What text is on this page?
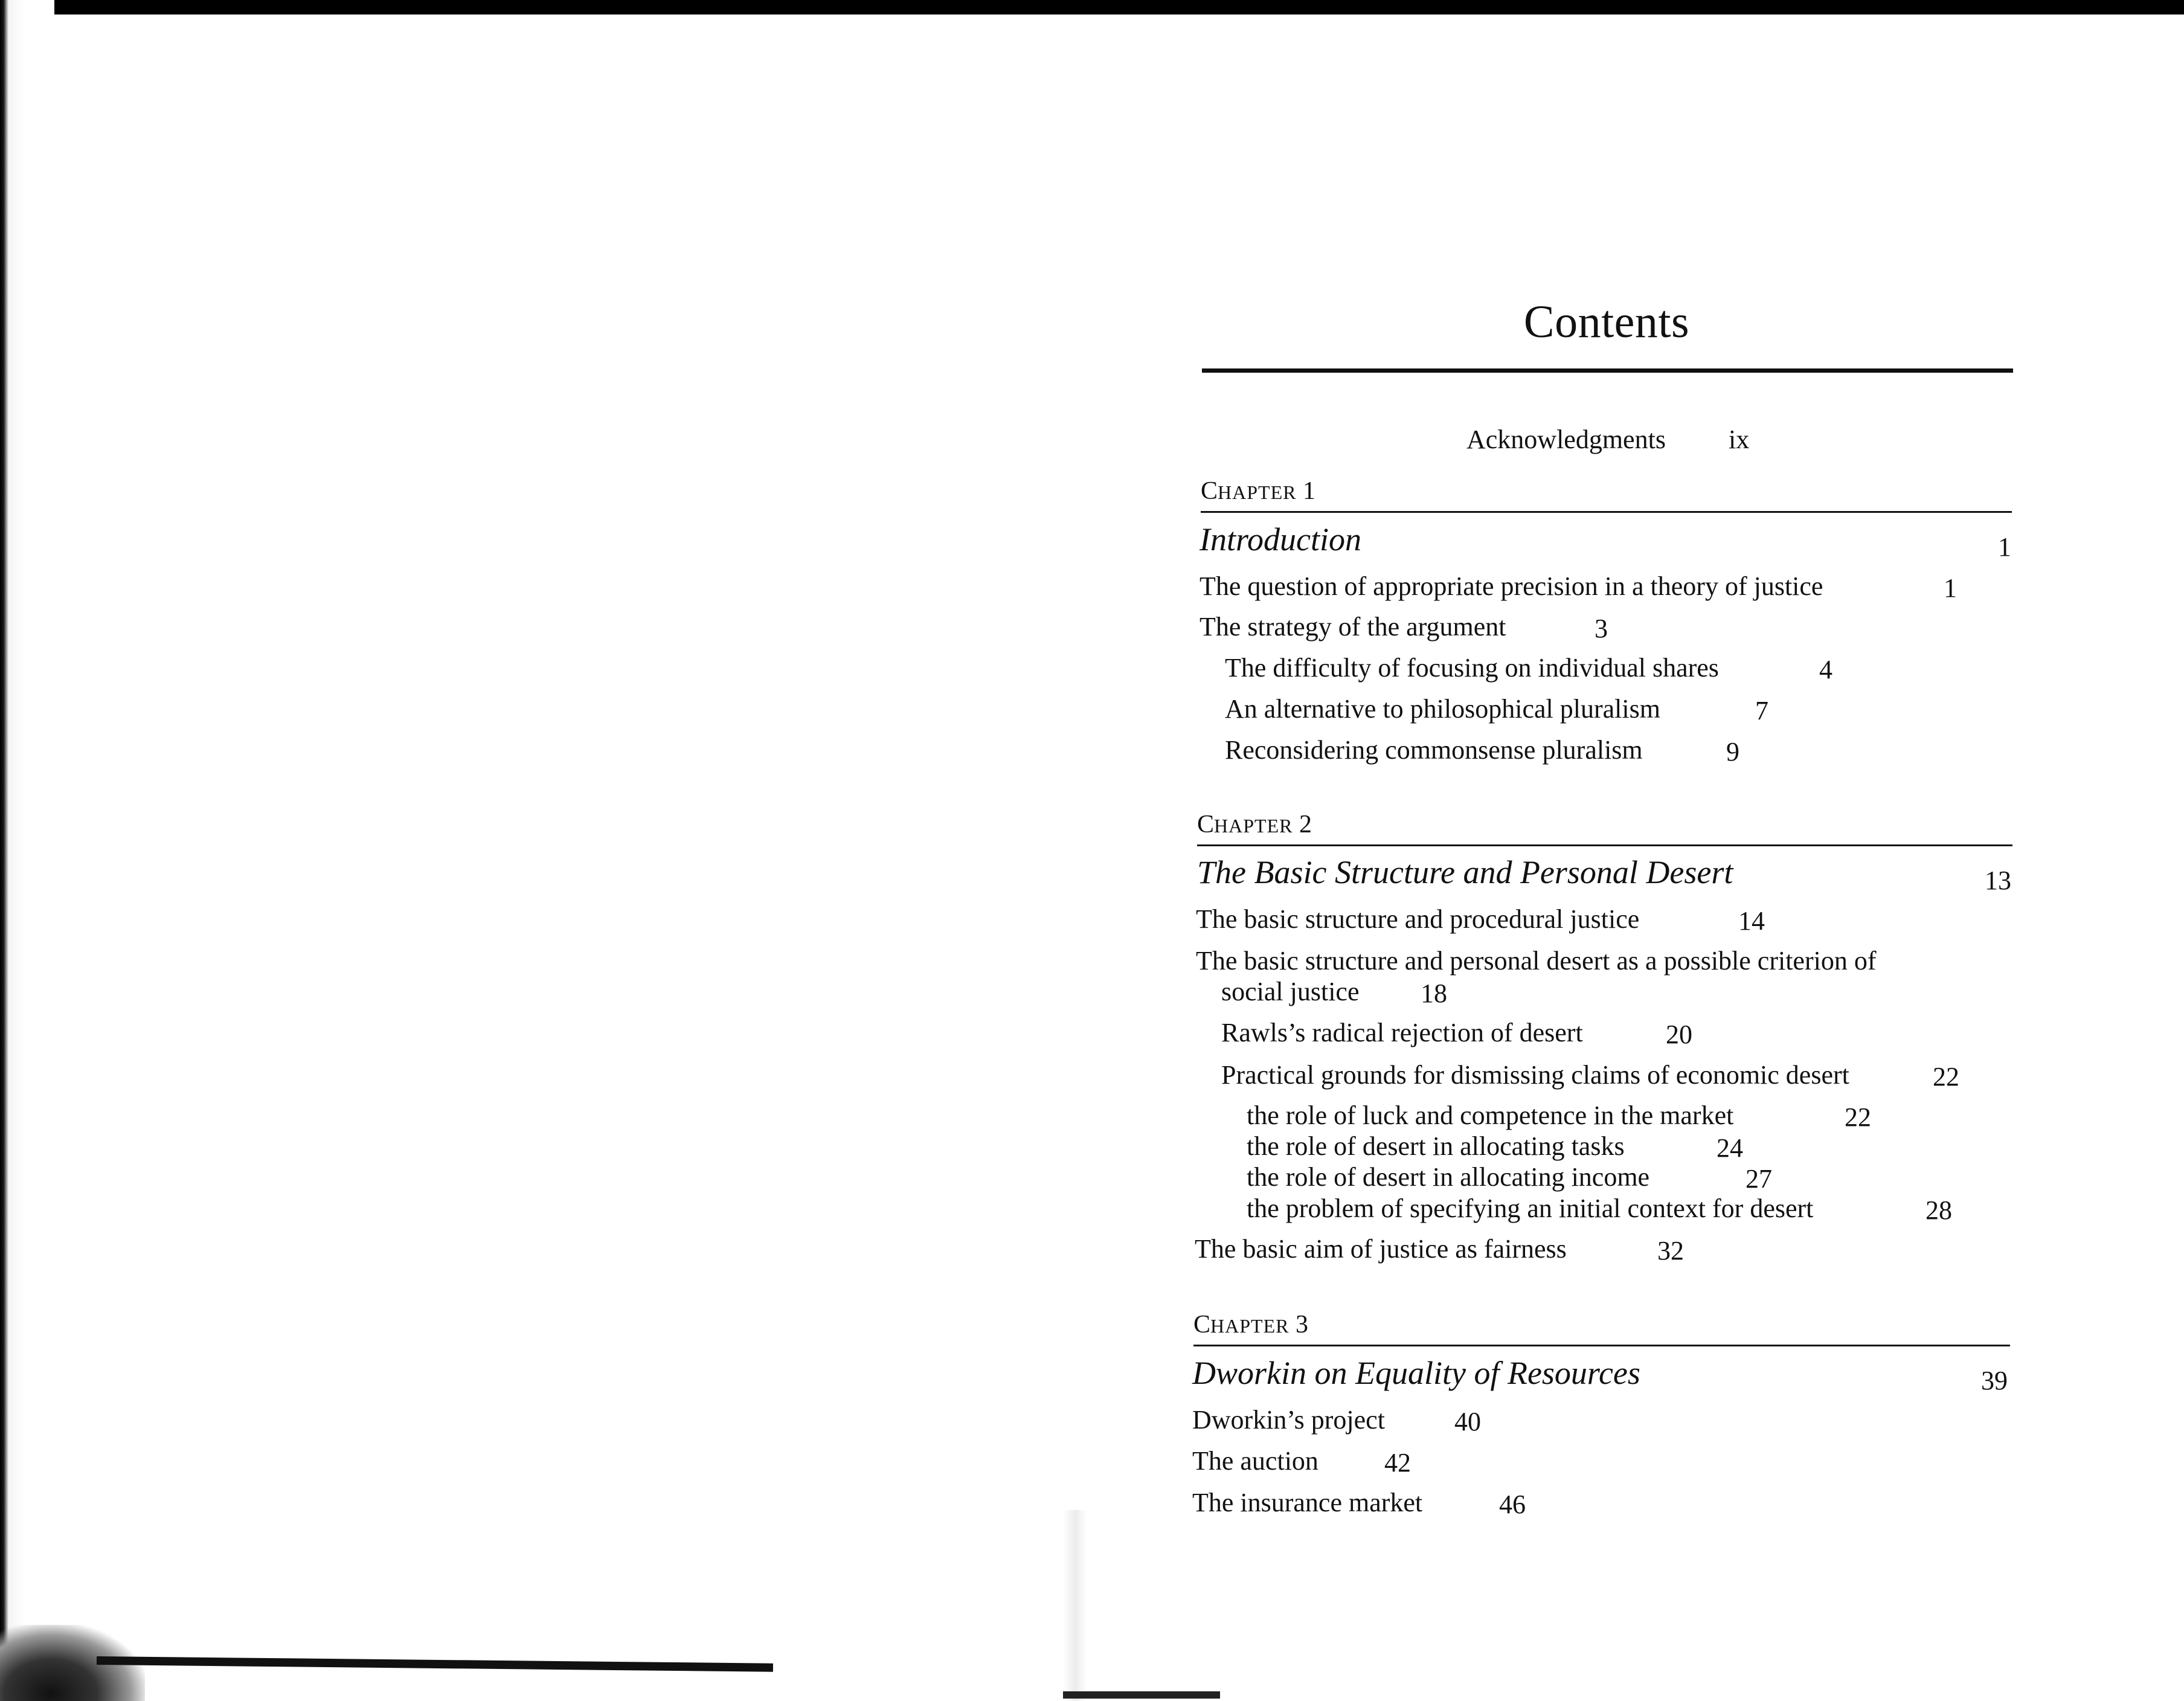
Contents
Acknowledgments ix
CHAPTER 1
Introduction	1
The question of appropriate precision in a theory of justice	1
The strategy of the argument	3
The difficulty of focusing on individual shares	4
An alternative to philosophical pluralism	7
Reconsidering commonsense pluralism	9
CHAPTER 2
The Basic Structure and Personal Desert	13
The basic structure and procedural justice	14
The basic structure and personal desert as a possible criterion of
social justice 18
Rawls’s radical rejection of desert	20
Practical grounds for dismissing claims of economic desert	22
the role of luck and competence in the market	22
the role of desert in allocating tasks	24
the role of desert in allocating income	27
the problem of specifying an initial context for desert	28
The basic aim of justice as fairness	32
CHAPTER 3
Dworkin on Equality of Resources	39
Dworkin’s project	40
The auction 42
The insurance market	46
